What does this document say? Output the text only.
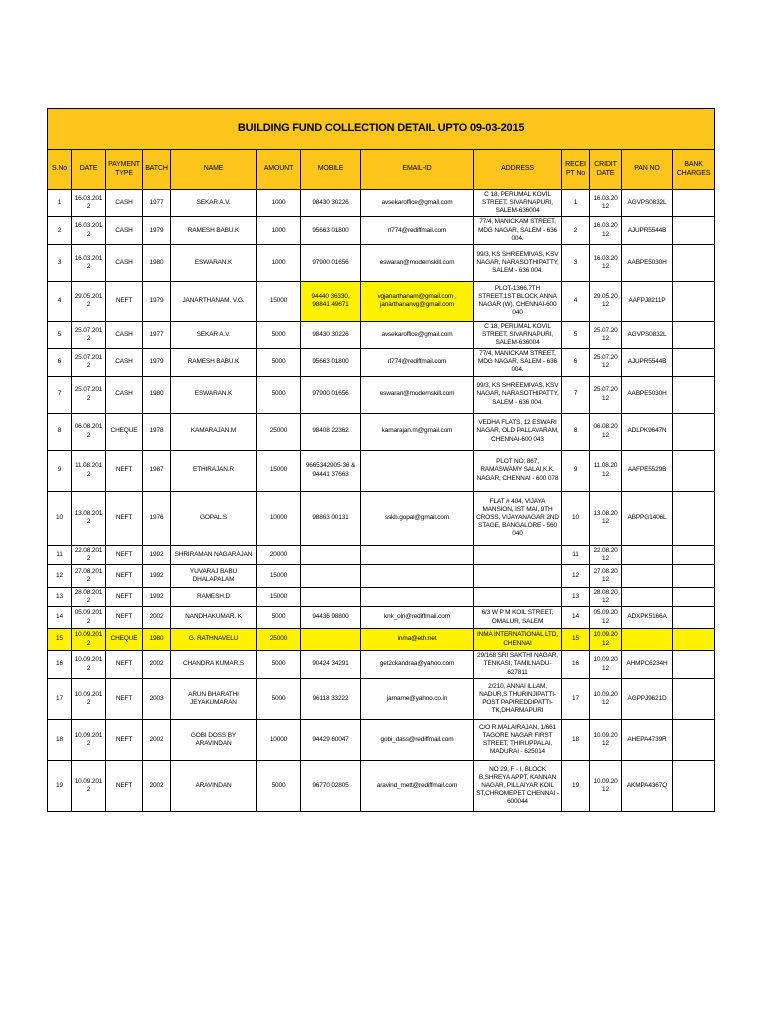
BUILDING FUND COLLECTION DETAIL UPTO 09-03-2015												
S.No	DATE	PAYMENT TYPE	BATCH	NAME	AMOUNT	MOBILE	EMAIL-ID	ADDRESS	RECEIPT No	CRIDIT DATE	PAN NO	BANK CHARGES
1	16.03.2012	CASH	1977	SEKAR A.V.	1000	98430 30226	avsekaroffice@gmail.com	C 18, PERUMAL KOVIL STREET, SIVARNAPURI, SALEM-636004	1	16.03.2012	AGVPS0832L	
2	16.03.2012	CASH	1979	RAMESH BABU.K	1000	95663 01800	rl774@rediffmail.com	77/4, MANICKAM STREET, MDG NAGAR, SALEM - 636 004.	2	16.03.2012	AJUPR5544B	
3	16.03.2012	CASH	1980	ESWARAN.K	1000	97900 01656	eswaran@modernskill.com	99/3, KS SHREEMIVAS, KSV NAGAR, NARASOTHIPATTY, SALEM - 636 004.	3	16.03.2012	AABPE5030H	
4	29.05.2012	NEFT	1979	JANARTHANAM. V.G.	15000	94440 36330, 98841 49671	vgjanarthanam@gmail.com , janarthananvg@gmail.com	PLOT-1366,7TH STREET,1ST BLOCK ANNA NAGAR (W), CHENNAI-600 040	4	29.05.2012	AAFPJ8211P	
5	25.07.2012	CASH	1977	SEKAR A.V.	5000	98430 30226	avsekaroffice@gmail.com	C 18, PERUMAL KOVIL STREET, SIVARNAPURI, SALEM-636004	5	25.07.2012	AGVPS0832L	
6	25.07.2012	CASH	1979	RAMESH BABU.K	5000	95663 01800	rl774@rediffmail.com	77/4, MANICKAM STREET, MDG NAGAR, SALEM - 636 004.	6	25.07.2012	AJUPR5544B	
7	25.07.2012	CASH	1980	ESWARAN.K	5000	97900 01656	eswaran@modernskill.com	99/3, KS SHREEMIVAS, KSV NAGAR, NARASOTHIPATTY, SALEM - 636 004.	7	25.07.2012	AABPE5030H	
8	06.08.2012	CHEQUE	1978	KAMARAJAN.M	25000	98408 22362	kamarajan.m@gmail.com	VEDHA FLATS, 12 ESWARI NAGAR, OLD PALLAVARAM, CHENNAI-600 043	8	06.08.2012	ADLPK9647N	
9	11.08.2012	NEFT	1987	ETHIRAJAN.R	15000	9665342905-36 & 94441 37663		PLOT NO; 867, RAMASWAMY SALAI,K.K. NAGAR, CHENNAI - 600 078	9	11.08.2012	AAFPE5529B	
10	13.08.2012	NEFT	1976	GOPAL.S	10000	98863 00131	sskb.gopal@gmail.com	FLAT # 404, VIJAYA MANSION, IST MAI, 9TH CROSS, VIJAYANAGAR 2ND STAGE, BANGALORE - 560 040	10	13.08.2012	ABPPG1406L	
11	22.08.2012	NEFT	1992	SHRIRAMAN NAGARAJAN	20000				11	22.08.2012		
12	27.08.2012	NEFT	1992	YUVARAJ BABU DHALAPALAM	15000				12	27.08.2012		
13	28.08.2012	NEFT	1992	RAMESH.D	15000				13	28.08.2012		
14	05.09.2012	NEFT	2002	NANDHAKUMAR. K	5000	94436 98800	knk_olri@rediffmail.com	6/3 W P M KOIL STREET, OMALUR, SALEM	14	05.09.2012	ADXPK5166A	
15	10.09.2012	CHEQUE	1980	G. RATHNAVELU	25000		inma@eth.net	INMA INTERNATIONAL LTD, CHENNAI	15	10.09.2012		
16	10.09.2012	NEFT	2002	CHANDRA KUMAR.S	5000	90424 34291	get2ckandraa@yahoo.com	29/168 SRI SAKTHI NAGAR, TENKASI, TAMILNADU-627811	16	10.09.2012	AHMPC6234H	
17	10.09.2012	NEFT	2003	ARUN BHARATHI JEYAKUMARAN	5000	96118 33222	jarname@yahoo.co.in	2/210, ANNAI ILLAM, NADUR,S THURINJIPATTI-POST PAPIREDDIPATTI-TK,DHARMAPURI	17	10.09.2012	AGPPJ9621D	
18	10.09.2012	NEFT	2002	GOBI DOSS BY ARAVINDAN	10000	94429 60047	gobi_dass@rediffmail.com	C/O R.MALAIRAJAN, 1/661 TAGORE NAGAR FIRST STREET, THIRUPPALAI, MADURAI - 625014	18	10.09.2012	AHEPA4739R	
19	10.09.2012	NEFT	2002	ARAVINDAN	5000	96770 02805	aravind_mett@rediffmail.com	NO 29, F - I, BLOCK B,SHREYA APPT, KANNAN NAGAR, PILLAIYAR KOIL ST,CHROMEPET CHENNAI - 600044	19	10.09.2012	AKMPA4367Q	
